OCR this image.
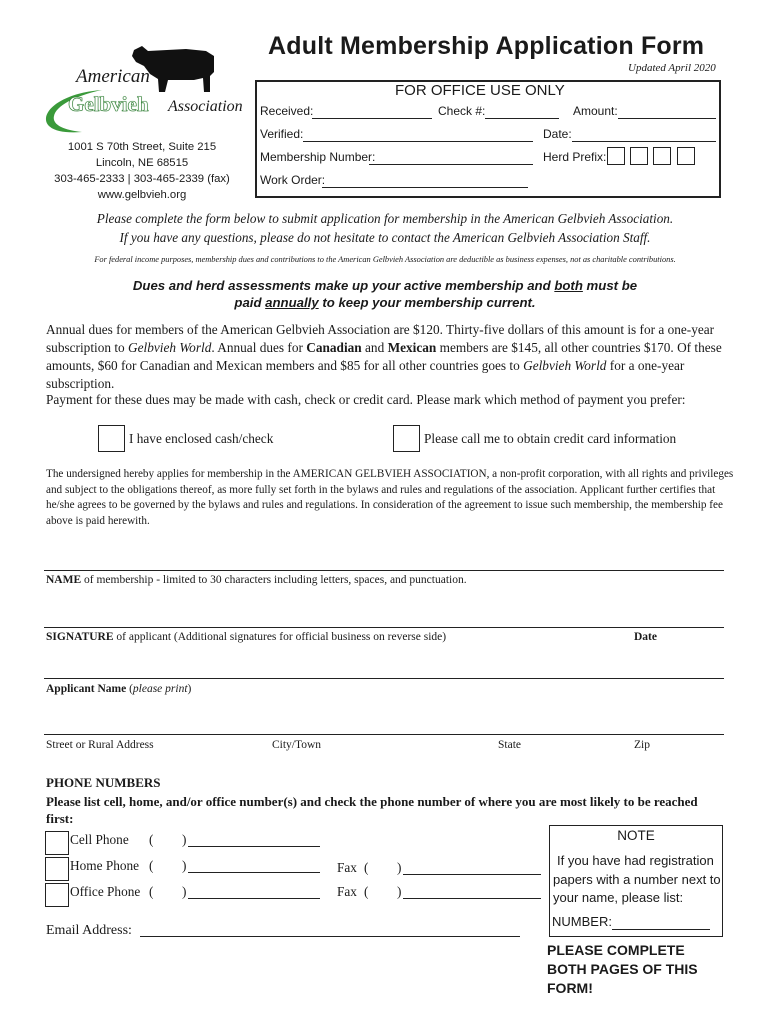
American
Gelbvieh Association
1001 S 70th Street, Suite 215
Lincoln, NE 68515
303-465-2333 | 303-465-2339 (fax)
www.gelbvieh.org
Adult Membership Application Form
Updated April 2020
FOR OFFICE USE ONLY
Received:	Check #:	Amount:
Verified:	Date:
Membership Number:	Herd Prefix:
Work Order:
Please complete the form below to submit application for membership in the American Gelbvieh Association.
If you have any questions, please do not hesitate to contact the American Gelbvieh Association Staff.
For federal income purposes, membership dues and contributions to the American Gelbvieh Association are deductible as business expenses, not as charitable contributions.
Dues and herd assessments make up your active membership and both must be
paid annually to keep your membership current.
Annual dues for members of the American Gelbvieh Association are $120. Thirty-five dollars of this amount is for a one-year subscription to Gelbvieh World. Annual dues for Canadian and Mexican members are $145, all other countries $170. Of these amounts, $60 for Canadian and Mexican members and $85 for all other countries goes to Gelbvieh World for a one-year subscription.
Payment for these dues may be made with cash, check or credit card. Please mark which method of payment you prefer:
I have enclosed cash/check	Please call me to obtain credit card information
The undersigned hereby applies for membership in the AMERICAN GELBVIEH ASSOCIATION, a non-profit corporation, with all rights and privileges and subject to the obligations thereof, as more fully set forth in the bylaws and rules and regulations of the association. Applicant further certifies that he/she agrees to be governed by the bylaws and rules and regulations. In consideration of the agreement to issue such membership, the membership fee above is paid herewith.
NAME of membership - limited to 30 characters including letters, spaces, and punctuation.
SIGNATURE of applicant (Additional signatures for official business on reverse side)	Date
Applicant Name (please print)
Street or Rural Address	City/Town	State	Zip
PHONE NUMBERS
Please list cell, home, and/or office number(s) and check the phone number of where you are most likely to be reached first:
Cell Phone ( )
Home Phone ( )	Fax ( )
Office Phone ( )	Fax ( )
Email Address:
NOTE
If you have had registration
papers with a number next to
your name, please list:
NUMBER:
PLEASE COMPLETE
BOTH PAGES OF THIS
FORM!
